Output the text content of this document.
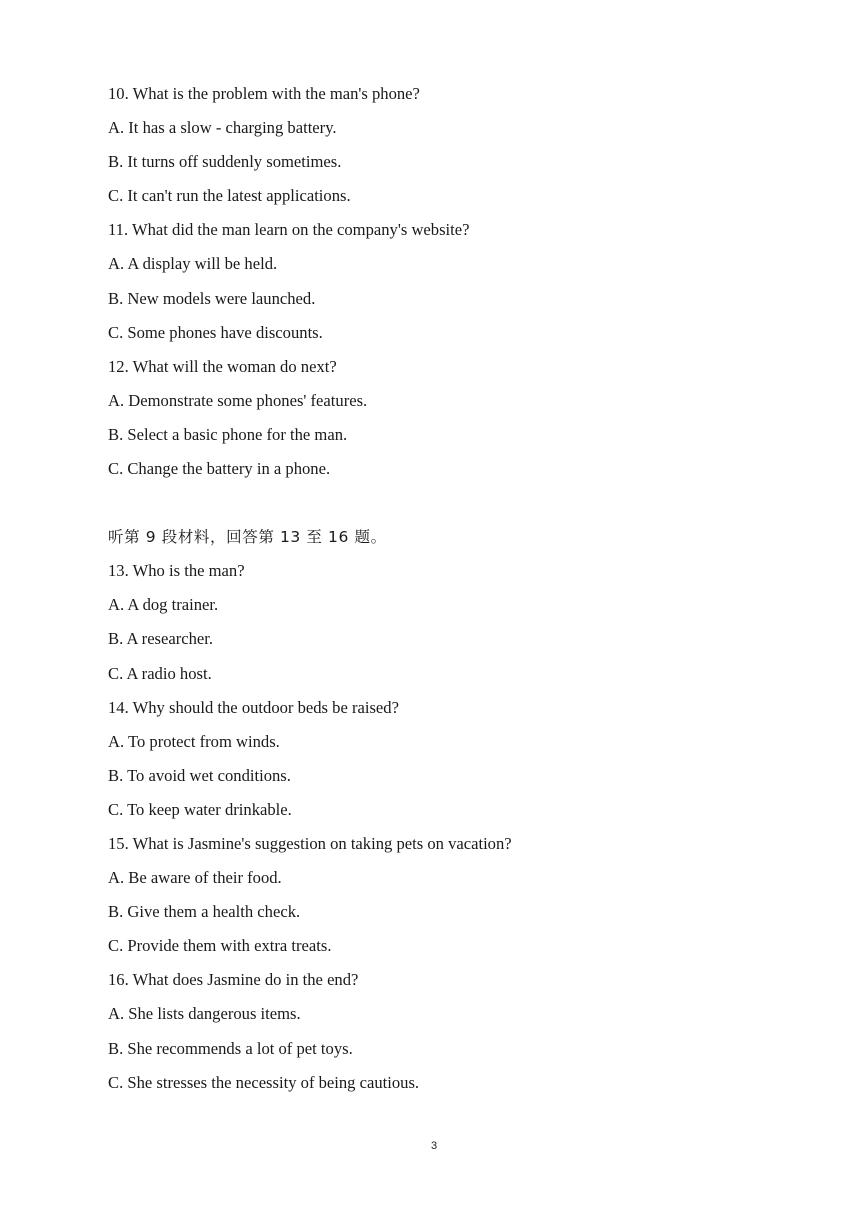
10. What is the problem with the man's phone?
A. It has a slow - charging battery.
B. It turns off suddenly sometimes.
C. It can't run the latest applications.
11. What did the man learn on the company's website?
A. A display will be held.
B. New models were launched.
C. Some phones have discounts.
12. What will the woman do next?
A. Demonstrate some phones' features.
B. Select a basic phone for the man.
C. Change the battery in a phone.
听第 9 段材料，回答第 13 至 16 题。
13. Who is the man?
A. A dog trainer.
B. A researcher.
C. A radio host.
14. Why should the outdoor beds be raised?
A. To protect from winds.
B. To avoid wet conditions.
C. To keep water drinkable.
15. What is Jasmine's suggestion on taking pets on vacation?
A. Be aware of their food.
B. Give them a health check.
C. Provide them with extra treats.
16. What does Jasmine do in the end?
A. She lists dangerous items.
B. She recommends a lot of pet toys.
C. She stresses the necessity of being cautious.
3
